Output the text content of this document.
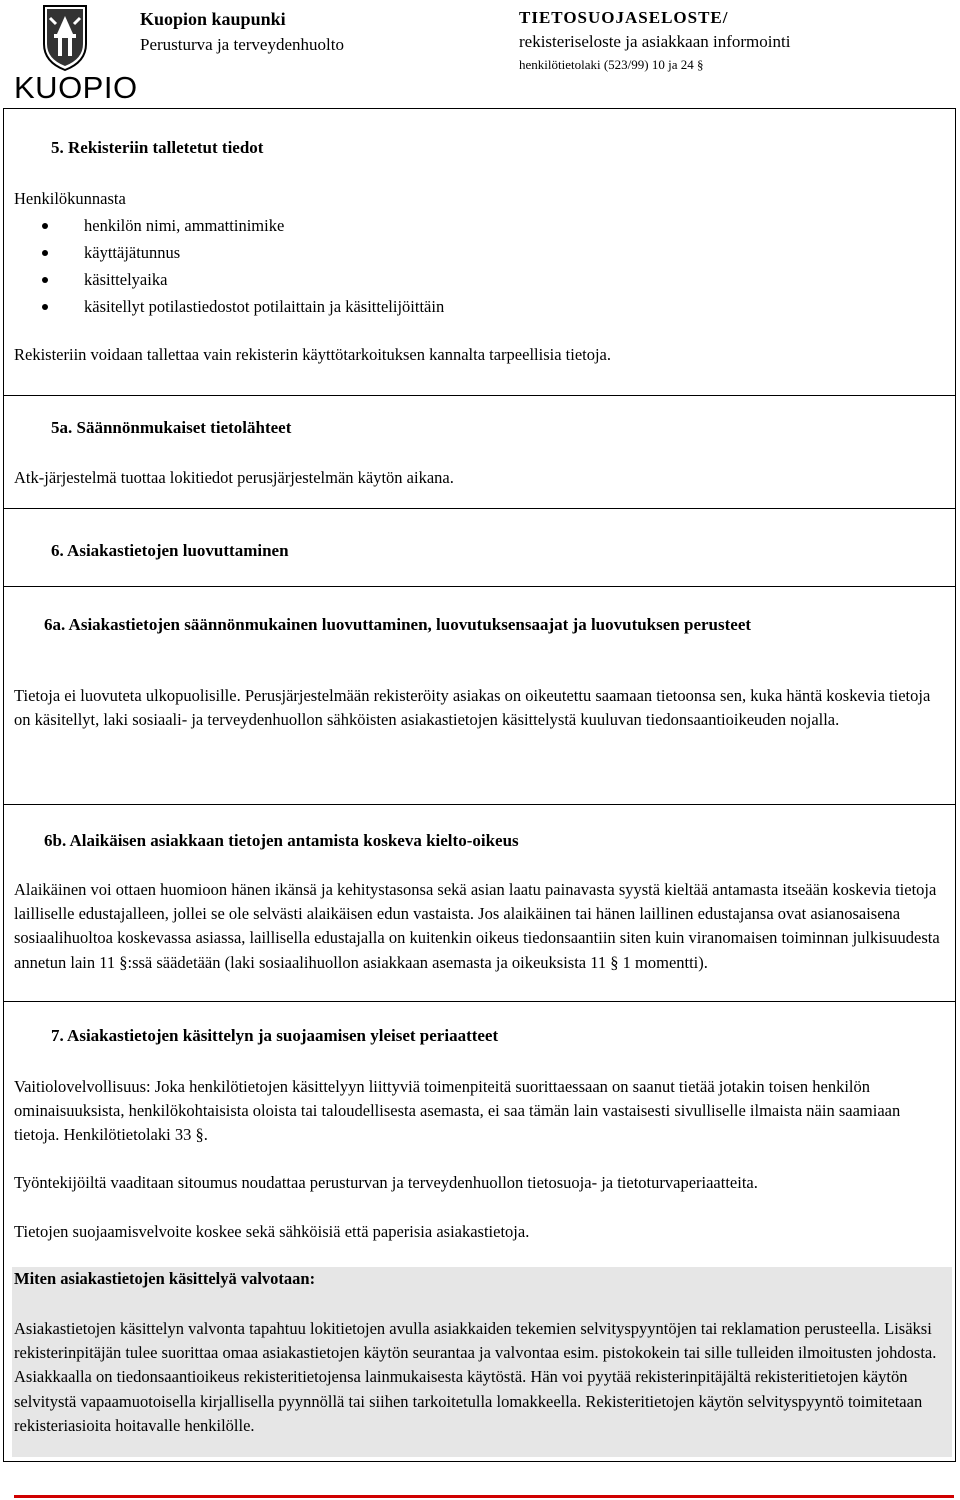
KUOPIO
Kuopion kaupunki
Perusturva ja terveydenhuolto
TIETOSUOJASELOSTE/
rekisteriseloste ja asiakkaan informointi
henkilötietolaki (523/99) 10 ja 24 §
5. Rekisteriin talletetut tiedot
Henkilökunnasta
henkilön nimi, ammattinimike
käyttäjätunnus
käsittelyaika
käsitellyt potilastiedostot potilaittain ja käsittelijöittäin
Rekisteriin voidaan tallettaa vain rekisterin käyttötarkoituksen kannalta tarpeellisia tietoja.
5a. Säännönmukaiset tietolähteet
Atk-järjestelmä tuottaa lokitiedot perusjärjestelmän käytön aikana.
6. Asiakastietojen luovuttaminen
6a. Asiakastietojen säännönmukainen luovuttaminen, luovutuksensaajat ja luovutuksen perusteet
Tietoja ei luovuteta ulkopuolisille. Perusjärjestelmään rekisteröity asiakas on oikeutettu saamaan tietoonsa sen, kuka häntä koskevia tietoja on käsitellyt, laki sosiaali- ja terveydenhuollon sähköisten asiakastietojen käsittelystä kuuluvan tiedonsaantioikeuden nojalla.
6b. Alaikäisen asiakkaan tietojen antamista koskeva kielto-oikeus
Alaikäinen voi ottaen huomioon hänen ikänsä ja kehitystasonsa sekä asian laatu painavasta syystä kieltää antamasta itseään koskevia tietoja lailliselle edustajalleen, jollei se ole selvästi alaikäisen edun vastaista. Jos alaikäinen tai hänen laillinen edustajansa ovat asianosaisena sosiaalihuoltoa koskevassa asiassa, laillisella edustajalla on kuitenkin oikeus tiedonsaantiin siten kuin viranomaisen toiminnan julkisuudesta annetun lain 11 §:ssä säädetään (laki sosiaalihuollon asiakkaan asemasta ja oikeuksista 11 § 1 momentti).
7. Asiakastietojen käsittelyn ja suojaamisen yleiset periaatteet
Vaitiolovelvollisuus: Joka henkilötietojen käsittelyyn liittyviä toimenpiteitä suorittaessaan on saanut tietää jotakin toisen henkilön ominaisuuksista, henkilökohtaisista oloista tai taloudellisesta asemasta, ei saa tämän lain vastaisesti sivulliselle ilmaista näin saamiaan tietoja. Henkilötietolaki 33 §.
Työntekijöiltä vaaditaan sitoumus noudattaa perusturvan ja terveydenhuollon tietosuoja- ja tietoturvaperiaatteita.
Tietojen suojaamisvelvoite koskee sekä sähköisiä että paperisia asiakastietoja.
Miten asiakastietojen käsittelyä valvotaan:
Asiakastietojen käsittelyn valvonta tapahtuu lokitietojen avulla asiakkaiden tekemien selvityspyyntöjen tai reklamation perusteella. Lisäksi rekisterinpitäjän tulee suorittaa omaa asiakastietojen käytön seurantaa ja valvontaa esim. pistokokein tai sille tulleiden ilmoitusten johdosta. Asiakkaalla on tiedonsaantioikeus rekisteritietojensa lainmukaisesta käytöstä. Hän voi pyytää rekisterinpitäjältä rekisteritietojen käytön selvitystä vapaamuotoisella kirjallisella pyynnöllä tai siihen tarkoitetulla lomakkeella. Rekisteritietojen käytön selvityspyyntö toimitetaan rekisteriasioita hoitavalle henkilölle.
